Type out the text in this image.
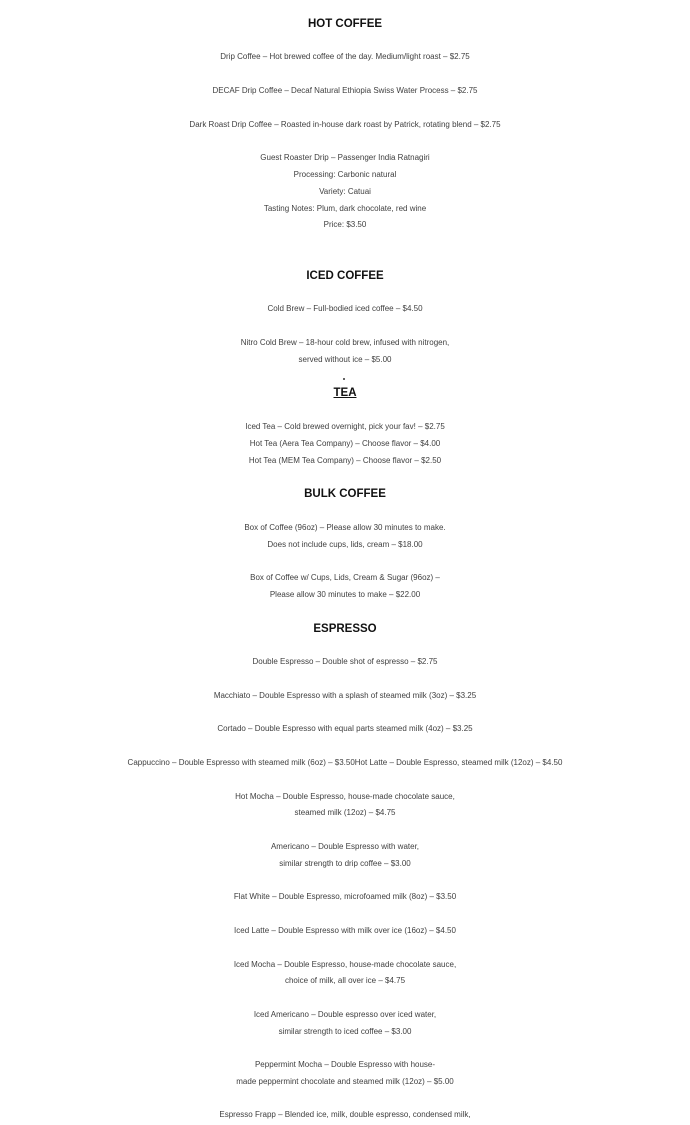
HOT COFFEE
Drip Coffee – Hot brewed coffee of the day. Medium/light roast – $2.75
DECAF Drip Coffee – Decaf Natural Ethiopia Swiss Water Process – $2.75
Dark Roast Drip Coffee – Roasted in-house dark roast by Patrick, rotating blend – $2.75
Guest Roaster Drip – Passenger India Ratnagiri
Processing: Carbonic natural
Variety: Catuai
Tasting Notes: Plum, dark chocolate, red wine
Price: $3.50
ICED COFFEE
Cold Brew – Full-bodied iced coffee – $4.50
Nitro Cold Brew – 18-hour cold brew, infused with nitrogen,
served without ice – $5.00
TEA
Iced Tea – Cold brewed overnight, pick your fav! – $2.75
Hot Tea (Aera Tea Company) – Choose flavor – $4.00
Hot Tea (MEM Tea Company) – Choose flavor – $2.50
BULK COFFEE
Box of Coffee (96oz) – Please allow 30 minutes to make.
Does not include cups, lids, cream – $18.00
Box of Coffee w/ Cups, Lids, Cream & Sugar (96oz) –
Please allow 30 minutes to make – $22.00
ESPRESSO
Double Espresso – Double shot of espresso – $2.75
Macchiato – Double Espresso with a splash of steamed milk (3oz) – $3.25
Cortado – Double Espresso with equal parts steamed milk (4oz) – $3.25
Cappuccino – Double Espresso with steamed milk (6oz) – $3.50Hot Latte – Double Espresso, steamed milk (12oz) – $4.50
Hot Mocha – Double Espresso, house-made chocolate sauce,
steamed milk (12oz) – $4.75
Americano – Double Espresso with water,
similar strength to drip coffee – $3.00
Flat White – Double Espresso, microfoamed milk (8oz) – $3.50
Iced Latte – Double Espresso with milk over ice (16oz) – $4.50
Iced Mocha – Double Espresso, house-made chocolate sauce,
choice of milk, all over ice – $4.75
Iced Americano – Double espresso over iced water,
similar strength to iced coffee – $3.00
Peppermint Mocha – Double Espresso with house-
made peppermint chocolate and steamed milk (12oz) – $5.00
Espresso Frapp – Blended ice, milk, double espresso, condensed milk,
